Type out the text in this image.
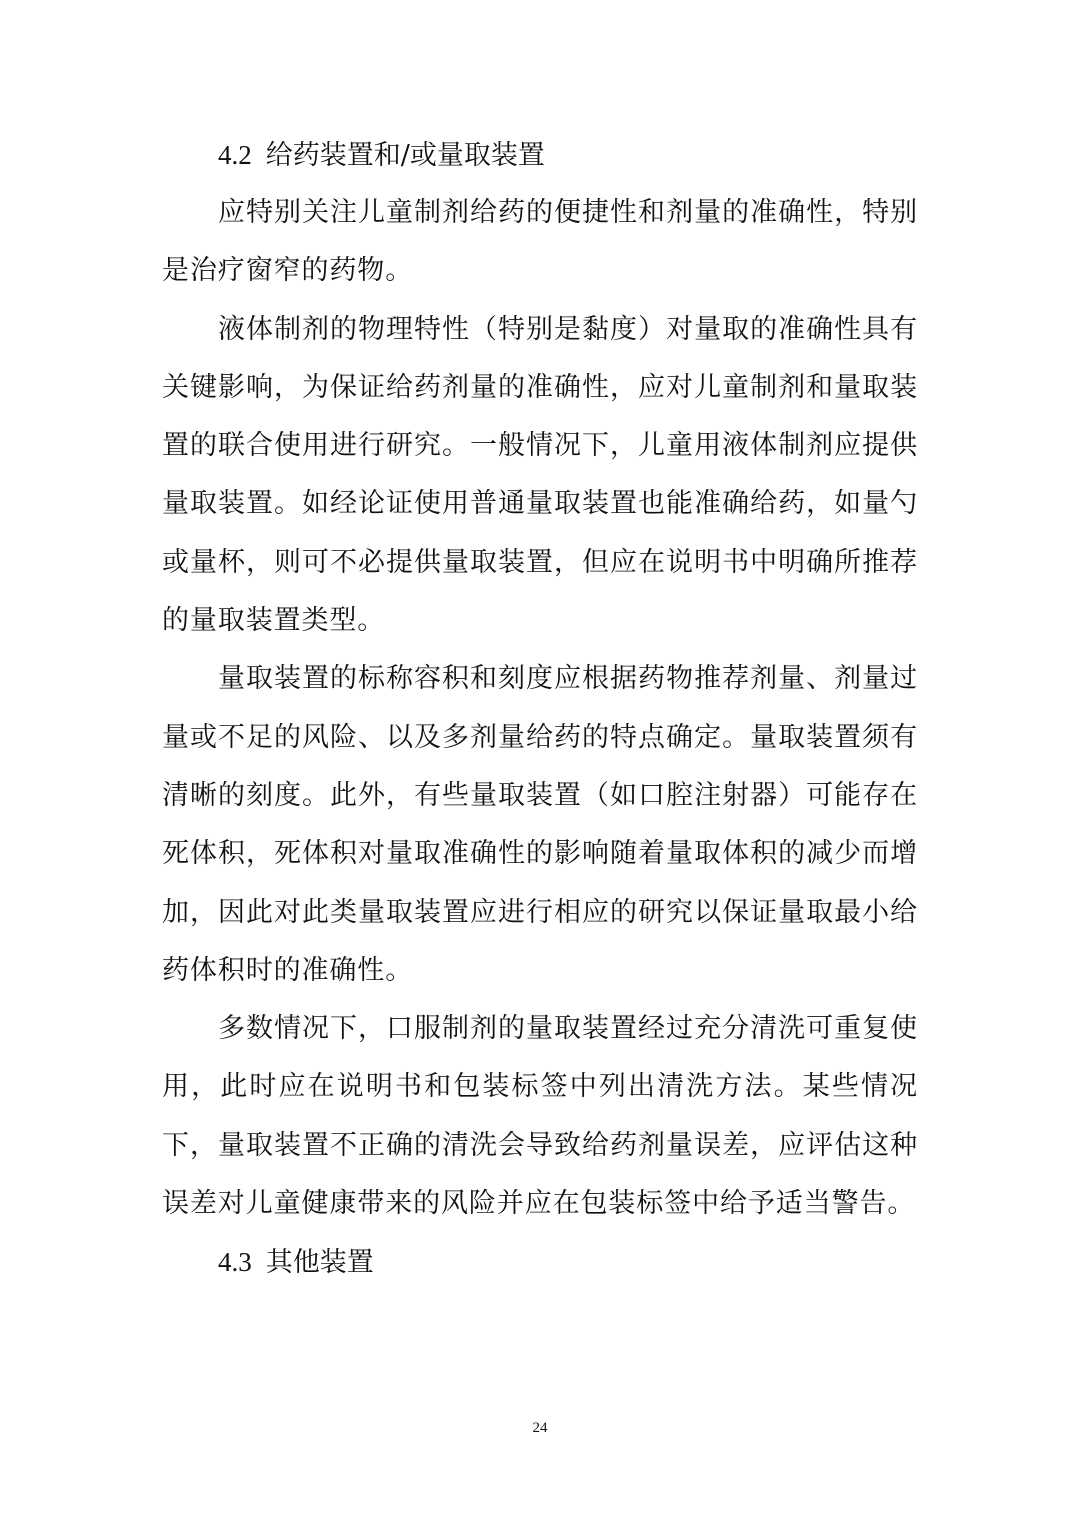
4.2 给药装置和/或量取装置

应特别关注儿童制剂给药的便捷性和剂量的准确性，特别是治疗窗窄的药物。

液体制剂的物理特性（特别是黏度）对量取的准确性具有关键影响，为保证给药剂量的准确性，应对儿童制剂和量取装置的联合使用进行研究。一般情况下，儿童用液体制剂应提供量取装置。如经论证使用普通量取装置也能准确给药，如量勺或量杯，则可不必提供量取装置，但应在说明书中明确所推荐的量取装置类型。

量取装置的标称容积和刻度应根据药物推荐剂量、剂量过量或不足的风险、以及多剂量给药的特点确定。量取装置须有清晰的刻度。此外，有些量取装置（如口腔注射器）可能存在死体积，死体积对量取准确性的影响随着量取体积的减少而增加，因此对此类量取装置应进行相应的研究以保证量取最小给药体积时的准确性。

多数情况下，口服制剂的量取装置经过充分清洗可重复使用，此时应在说明书和包装标签中列出清洗方法。某些情况下，量取装置不正确的清洗会导致给药剂量误差，应评估这种误差对儿童健康带来的风险并应在包装标签中给予适当警告。

4.3 其他装置
24
